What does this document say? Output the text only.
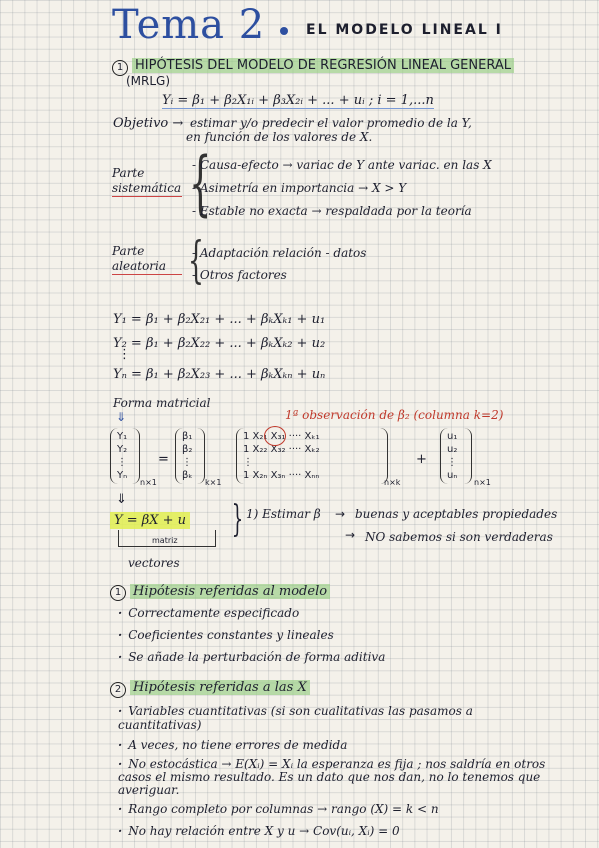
Tema 2	EL MODELO LINEAL I
1 HIPÓTESIS DEL MODELO DE REGRESIÓN LINEAL GENERAL
(MRLG)
Yᵢ = β₁ + β₂X₁ᵢ + β₃X₂ᵢ + ... + uᵢ ; i = 1,...n
Objetivo → estimar y/o predecir el valor promedio de la Y,
en función de los valores de X.
Parte sistemática {
- Causa-efecto → variac de Y ante variac. en las X
- Asimetría en importancia → X > Y
- Estable no exacta → respaldada por la teoría
Parte aleatoria {
- Adaptación relación - datos
- Otros factores
Y₁ = β₁ + β₂X₂₁ + ... + βₖXₖ₁ + u₁
Y₂ = β₁ + β₂X₂₂ + ... + βₖXₖ₂ + u₂
⋮
Yₙ = β₁ + β₂X₂₃ + ... + βₖXₖₙ + uₙ
Forma matricial
⇓	1ª observación de β₂ (columna k=2)
Y₁
Y₂
⋮
Yₙ
n×1
=
β₁
β₂
⋮
βₖ
k×1
1 X₂₁ X₃₁ ···· Xₖ₁
1 X₂₂ X₃₂ ···· Xₖ₂
⋮
1 X₂ₙ X₃ₙ ···· Xₙₙ
n×k
+
u₁
u₂
⋮
uₙ
n×1
⇓
Y = βX + u
matriz
vectores
} 1) Estimar β → buenas y aceptables propiedades
→ NO sabemos si son verdaderas
1 Hipótesis referidas al modelo
· Correctamente especificado
· Coeficientes constantes y lineales
· Se añade la perturbación de forma aditiva
2 Hipótesis referidas a las X
· Variables cuantitativas (si son cualitativas las pasamos a cuantitativas)
· A veces, no tiene errores de medida
· No estocástica → E(Xᵢ) = Xᵢ la esperanza es fija ; nos saldría en otros casos el mismo resultado. Es un dato que nos dan, no lo tenemos que averiguar.
· Rango completo por columnas → rango (X) = k < n
· No hay relación entre X y u → Cov(uᵢ, Xᵢ) = 0
